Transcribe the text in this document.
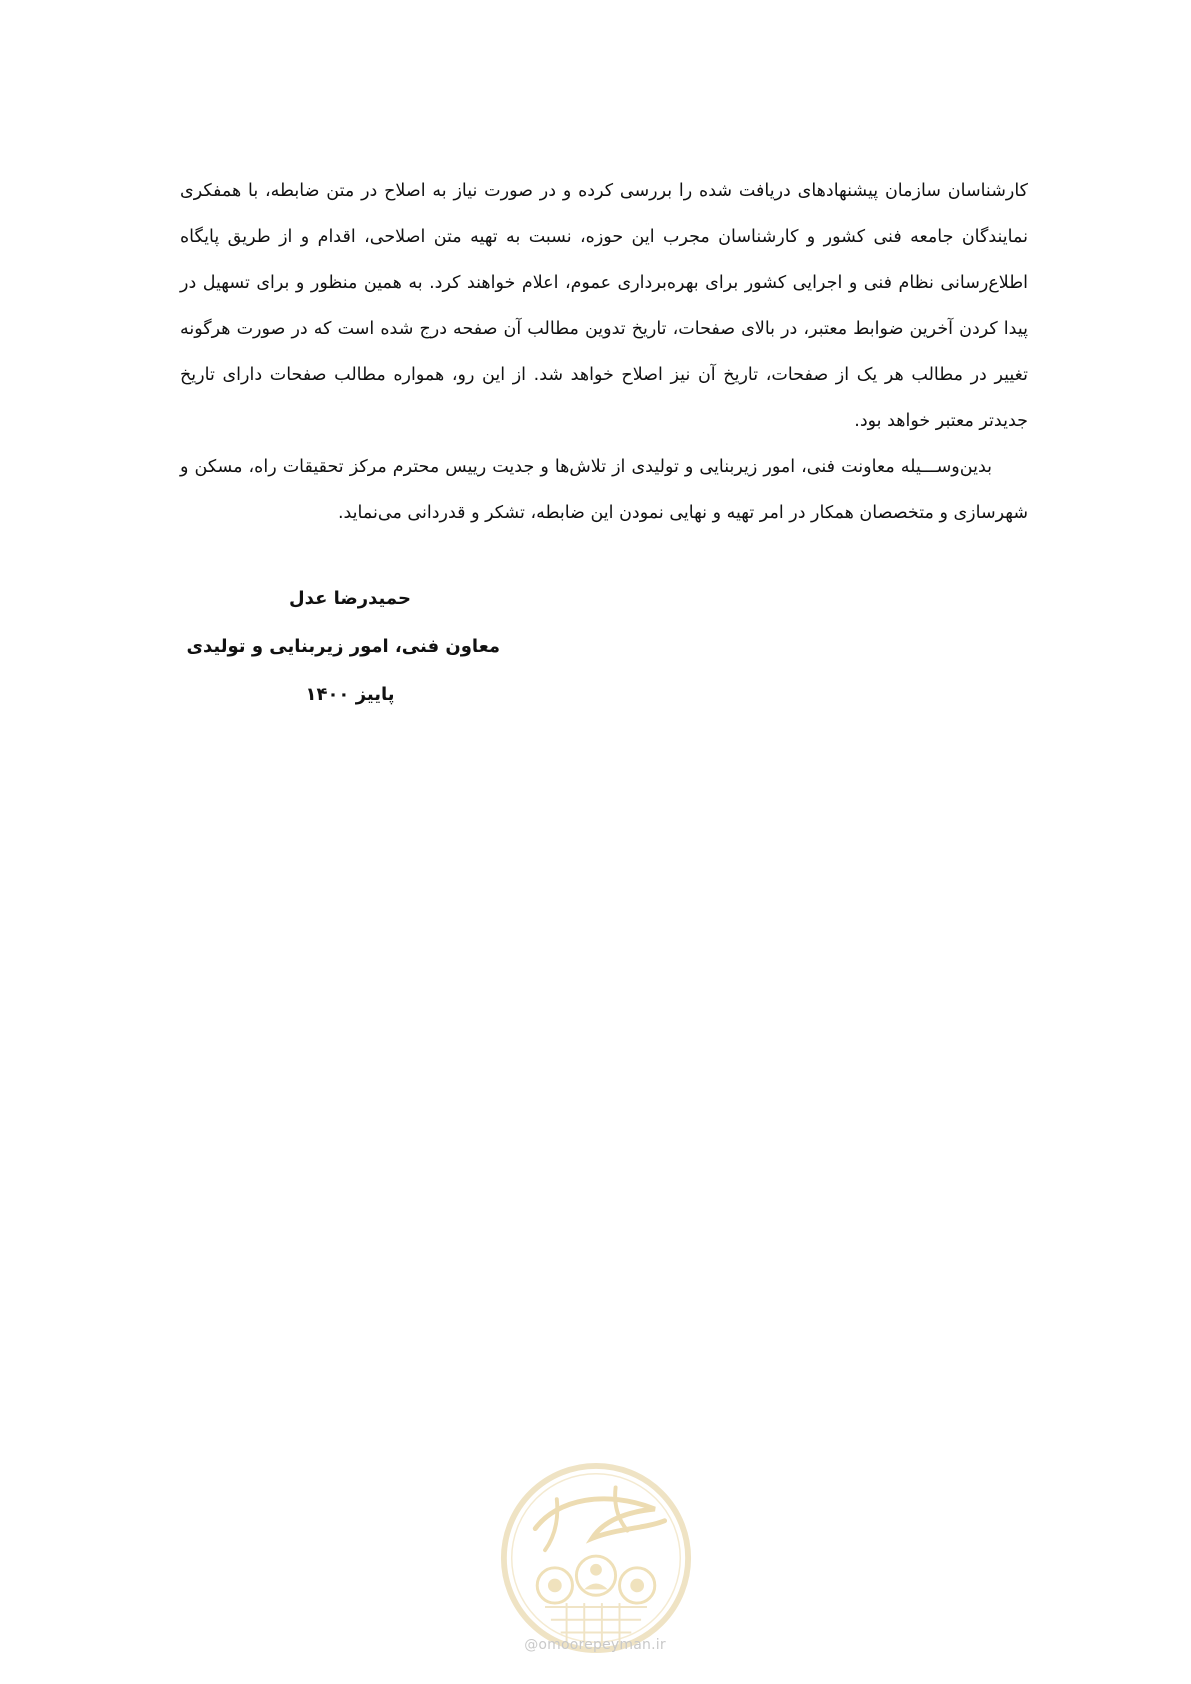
کارشناسان سازمان پیشنهادهای دریافت شده را بررسی کرده و در صورت نیاز به اصلاح در متن ضابطه، با همفکری نمایندگان جامعه فنی کشور و کارشناسان مجرب این حوزه، نسبت به تهیه متن اصلاحی، اقدام و از طریق پایگاه اطلاع‌رسانی نظام فنی و اجرایی کشور برای بهره‌برداری عموم، اعلام خواهند کرد. به همین منظور و برای تسهیل در پیدا کردن آخرین ضوابط معتبر، در بالای صفحات، تاریخ تدوین مطالب آن صفحه درج شده است که در صورت هرگونه تغییر در مطالب هر یک از صفحات، تاریخ آن نیز اصلاح خواهد شد. از این رو، همواره مطالب صفحات دارای تاریخ جدیدتر معتبر خواهد بود.

بدین‌وســـیله معاونت فنی، امور زیربنایی و تولیدی از تلاش‌ها و جدیت رییس محترم مرکز تحقیقات راه، مسکن و شهرسازی و متخصصان همکار در امر تهیه و نهایی نمودن این ضابطه، تشکر و قدردانی می‌نماید.

حمیدرضا عدل
معاون فنی، امور زیربنایی و تولیدی
پاییز ۱۴۰۰
@omoorepeyman.ir
